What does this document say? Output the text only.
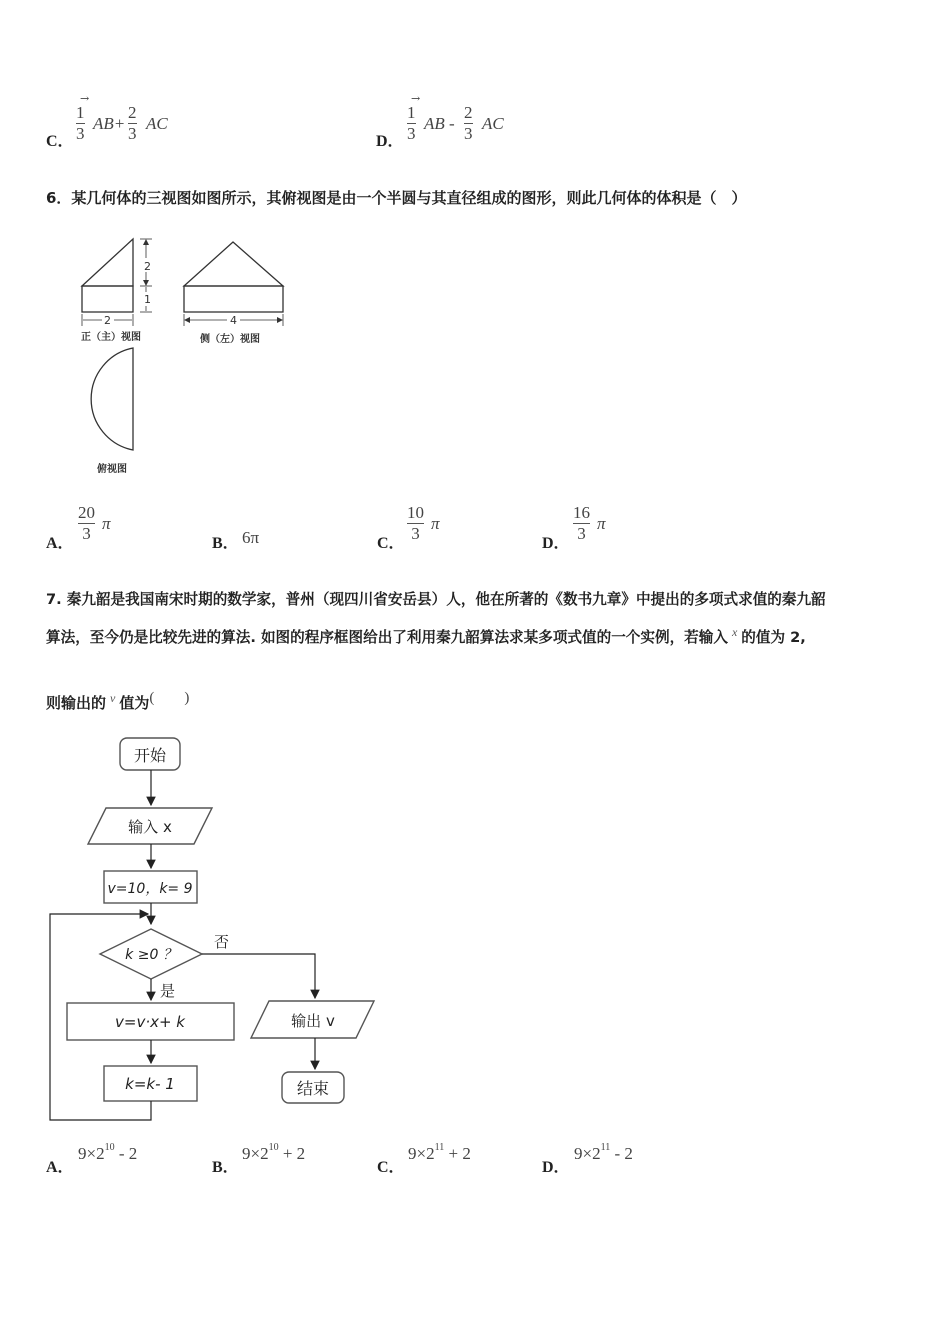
C．
1
3
→
AB+
2
3
AC
D．
1
3
→
AB -
2
3
AC
6．某几何体的三视图如图所示，其俯视图是由一个半圆与其直径组成的图形，则此几何体的体积是（　）
2
1
2
正（主）视图
4
侧（左）视图
俯视图
A．
20
3
π
B． 6π	C．
10
3
π
D．
16
3
π
7. 秦九韶是我国南宋时期的数学家，普州（现四川省安岳县）人，他在所著的《数书九章》中提出的多项式求值的秦九韶
算法，至今仍是比较先进的算法. 如图的程序框图给出了利用秦九韶算法求某多项式值的一个实例，若输入 $^x$ 的值为 2,
则输出的 $^v$ 值为(　　)
开始
输入 x
v=10，k= 9
k ≥0 ？
否
是
v=v·x+ k
k=k- 1
输出 v
结束
A．
$9\times 2^{10} - 2$
B．
$9\times 2^{10} + 2$
C．
$9\times 2^{11} + 2$
D．
$9\times 2^{11} - 2$
